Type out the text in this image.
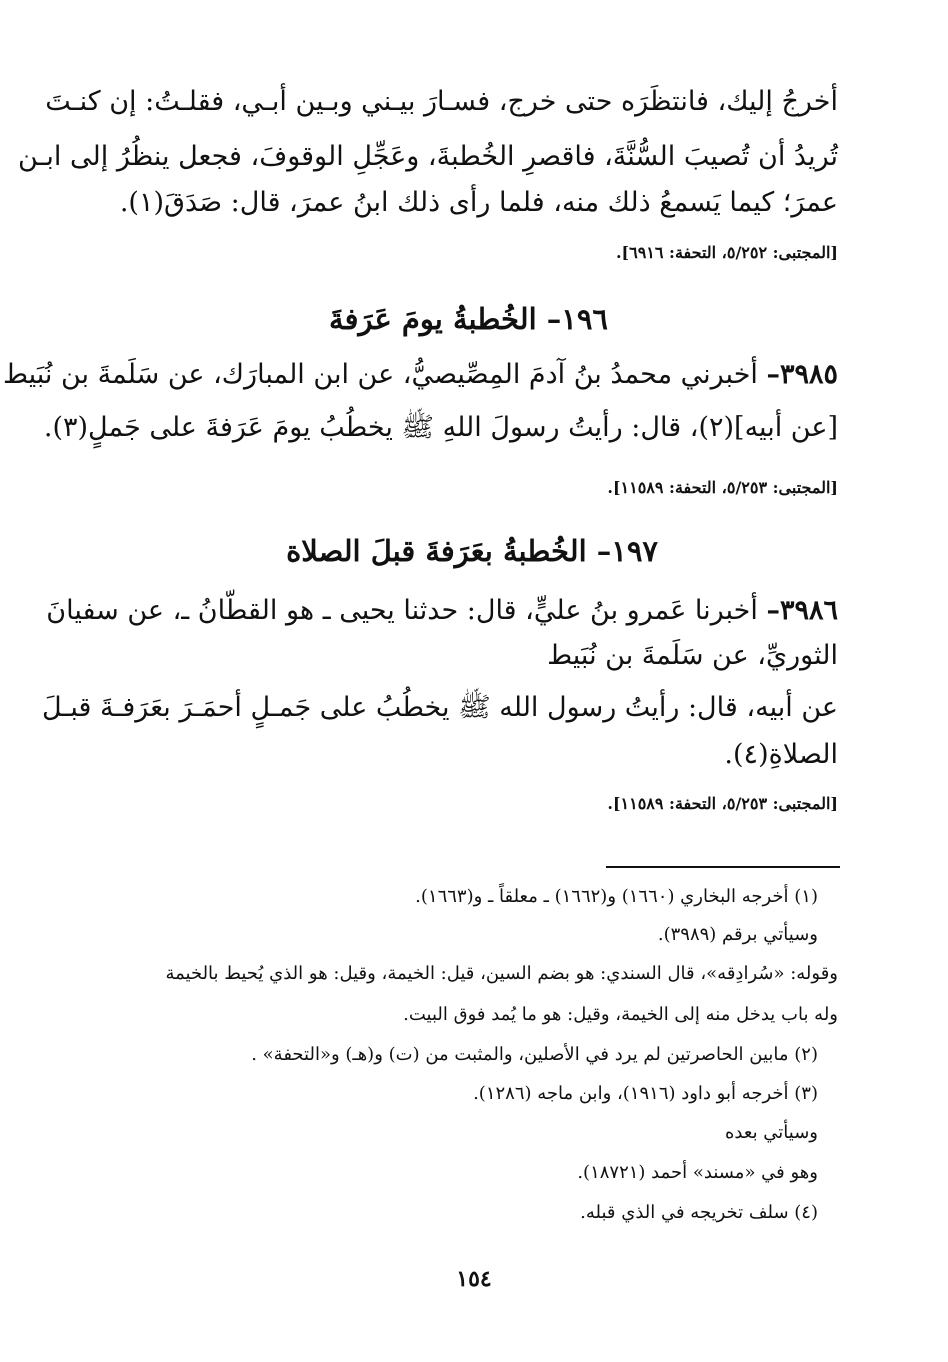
أخرجُ إليك، فانتظَرَه حتى خرج، فسـارَ بيـني وبـين أبـي، فقلـتُ: إن كنـتَ
تُريدُ أن تُصيبَ السُّنَّةَ، فاقصرِ الخُطبةَ، وعَجِّلِ الوقوفَ، فجعل ينظُرُ إلى ابـن
عمرَ؛ كيما يَسمعُ ذلك منه، فلما رأى ذلك ابنُ عمرَ، قال: صَدَقَ(١).
[المجتبى: ٥/٢٥٢، التحفة: ٦٩١٦].
١٩٦– الخُطبةُ يومَ عَرَفةَ
٣٩٨٥– أخبرني محمدُ بنُ آدمَ المِصِّيصيُّ، عن ابن المبارَك، عن سَلَمةَ بن نُبَيط
[عن أبيه](٢)، قال: رأيتُ رسولَ اللهِ ﷺ يخطُبُ يومَ عَرَفةَ على جَملٍ(٣).
[المجتبى: ٥/٢٥٣، التحفة: ١١٥٨٩].
١٩٧– الخُطبةُ بعَرَفةَ قبلَ الصلاة
٣٩٨٦– أخبرنا عَمرو بنُ عليٍّ، قال: حدثنا يحيى ـ هو القطّانُ ـ، عن سفيانَ
الثوريِّ، عن سَلَمةَ بن نُبَيط
عن أبيه، قال: رأيتُ رسول الله ﷺ يخطُبُ على جَمـلٍ أحمَـرَ بعَرَفـةَ قبـلَ
الصلاةِ(٤).
[المجتبى: ٥/٢٥٣، التحفة: ١١٥٨٩].
(١) أخرجه البخاري (١٦٦٠) و(١٦٦٢) ـ معلقاً ـ و(١٦٦٣).
وسيأتي برقم (٣٩٨٩).
وقوله: «سُرادِقه»، قال السندي: هو بضم السين، قيل: الخيمة، وقيل: هو الذي يُحيط بالخيمة
وله باب يدخل منه إلى الخيمة، وقيل: هو ما يُمد فوق البيت.
(٢) مابين الحاصرتين لم يرد في الأصلين، والمثبت من (ت) و(هـ) و«التحفة» .
(٣) أخرجه أبو داود (١٩١٦)، وابن ماجه (١٢٨٦).
وسيأتي بعده
وهو في «مسند» أحمد (١٨٧٢١).
(٤) سلف تخريجه في الذي قبله.
١٥٤
